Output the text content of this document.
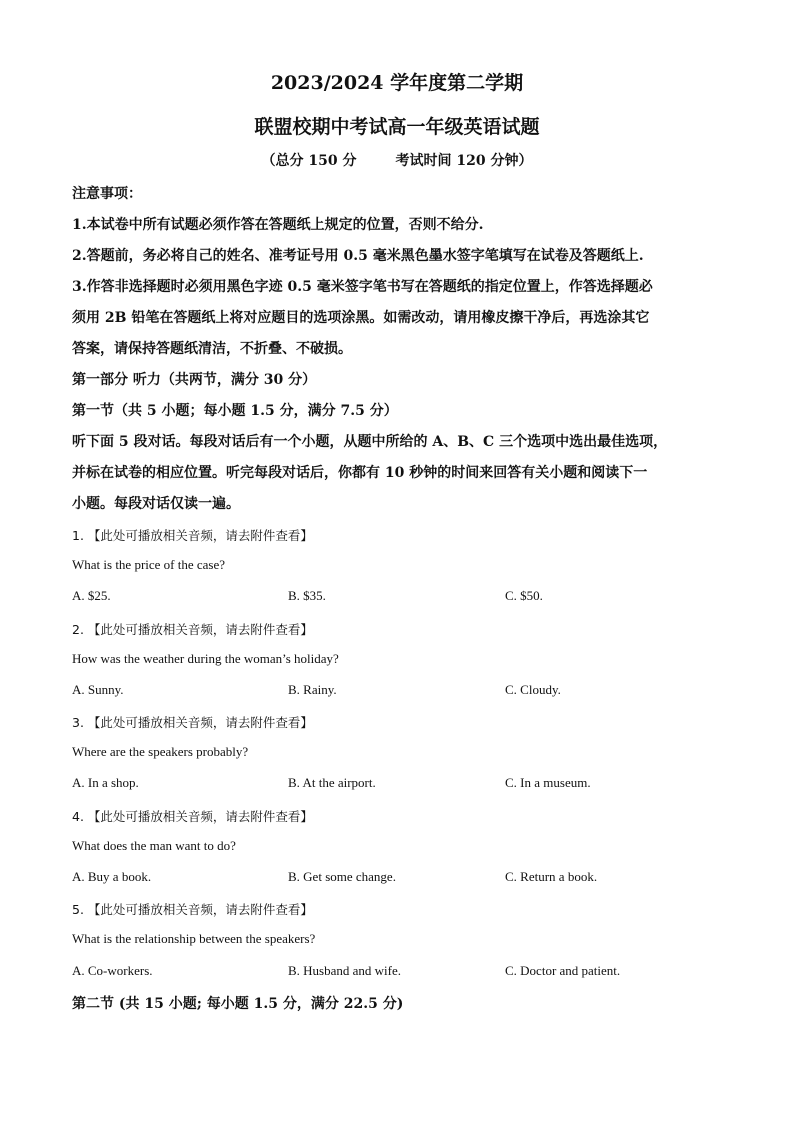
2023/2024 学年度第二学期
联盟校期中考试高一年级英语试题
（总分 150 分        考试时间 120 分钟）
注意事项：
1.本试卷中所有试题必须作答在答题纸上规定的位置，否则不给分.
2.答题前，务必将自己的姓名、准考证号用 0.5 毫米黑色墨水签字笔填写在试卷及答题纸上.
3.作答非选择题时必须用黑色字迹 0.5 毫米签字笔书写在答题纸的指定位置上，作答选择题必
须用 2B 铅笔在答题纸上将对应题目的选项涂黑。如需改动，请用橡皮擦干净后，再选涂其它
答案，请保持答题纸清洁，不折叠、不破损。
第一部分 听力（共两节，满分 30 分）
第一节（共 5 小题；每小题 1.5 分，满分 7.5 分）
听下面 5 段对话。每段对话后有一个小题，从题中所给的 A、B、C 三个选项中选出最佳选项，
并标在试卷的相应位置。听完每段对话后，你都有 10 秒钟的时间来回答有关小题和阅读下一
小题。每段对话仅读一遍。
1. 【此处可播放相关音频，请去附件查看】
What is the price of the case?
A. $25.	B. $35.	C. $50.
2. 【此处可播放相关音频，请去附件查看】
How was the weather during the woman’s holiday?
A. Sunny.	B. Rainy.	C. Cloudy.
3. 【此处可播放相关音频，请去附件查看】
Where are the speakers probably?
A. In a shop.	B. At the airport.	C. In a museum.
4. 【此处可播放相关音频，请去附件查看】
What does the man want to do?
A. Buy a book.	B. Get some change.	C. Return a book.
5. 【此处可播放相关音频，请去附件查看】
What is the relationship between the speakers?
A. Co-workers.	B. Husband and wife.	C. Doctor and patient.
第二节 (共 15 小题; 每小题 1.5 分，满分 22.5 分)
